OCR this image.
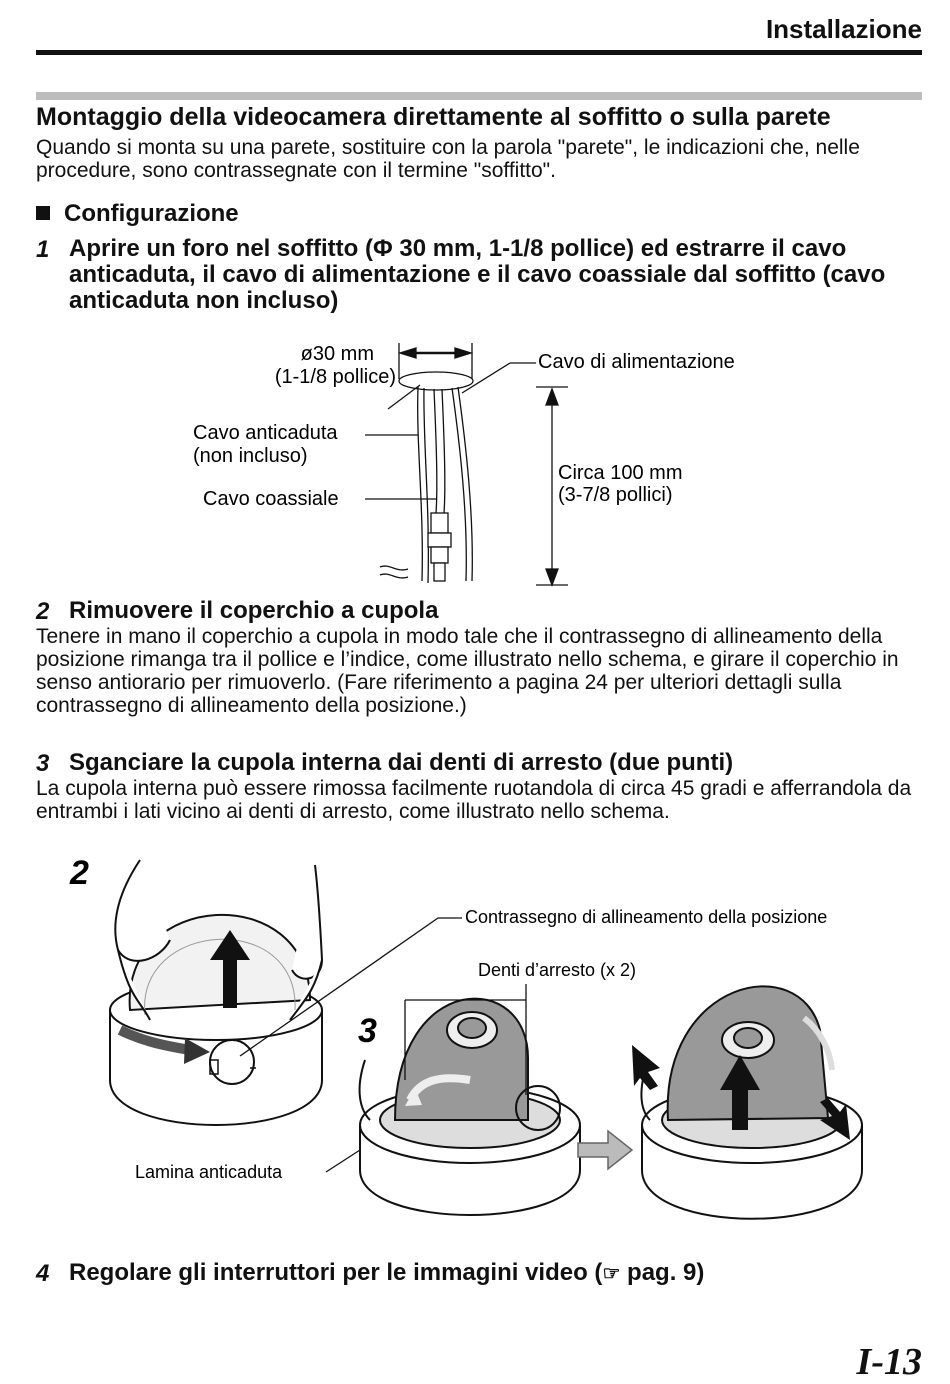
Installazione
Montaggio della videocamera direttamente al soffitto o sulla parete
Quando si monta su una parete, sostituire con la parola "parete", le indicazioni che, nelle procedure, sono contrassegnate con il termine "soffitto".
Configurazione
1 Aprire un foro nel soffitto (Φ 30 mm, 1-1/8 pollice) ed estrarre il cavo anticaduta, il cavo di alimentazione e il cavo coassiale dal soffitto (cavo anticaduta non incluso)
ø30 mm
(1-1/8 pollice)
Cavo di alimentazione
Cavo anticaduta
(non incluso)
Cavo coassiale
Circa 100 mm
(3-7/8 pollici)
2 Rimuovere il coperchio a cupola
Tenere in mano il coperchio a cupola in modo tale che il contrassegno di allineamento della posizione rimanga tra il pollice e l’indice, come illustrato nello schema, e girare il coperchio in senso antiorario per rimuoverlo. (Fare riferimento a pagina 24 per ulteriori dettagli sulla contrassegno di allineamento della posizione.)
3 Sganciare la cupola interna dai denti di arresto (due punti)
La cupola interna può essere rimossa facilmente ruotandola di circa 45 gradi e afferrandola da entrambi i lati vicino ai denti di arresto, come illustrato nello schema.
2
3
Contrassegno di allineamento della posizione
Denti d’arresto (x 2)
Lamina anticaduta
4 Regolare gli interruttori per le immagini video (☞ pag. 9)
I-13
